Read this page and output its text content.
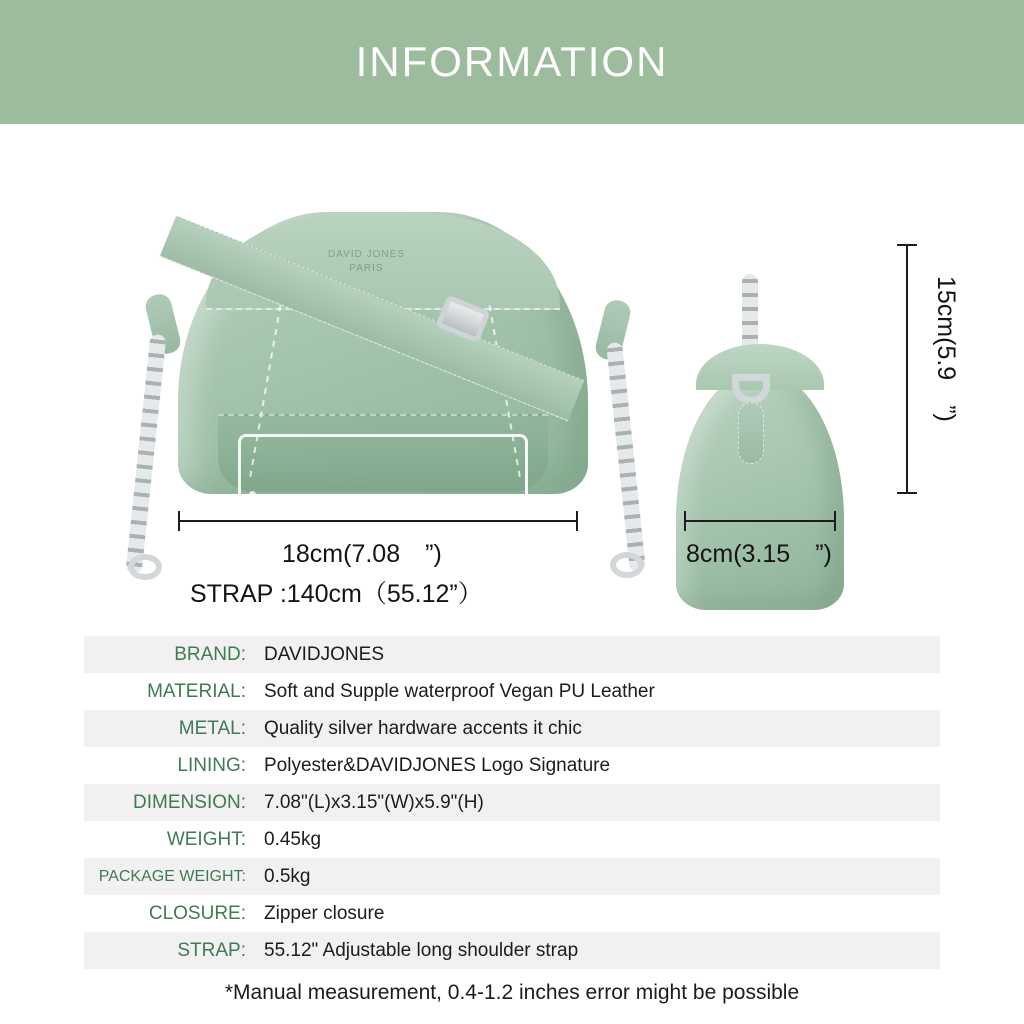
INFORMATION
DAVID JONES
PARIS
PHONE
18cm(7.08　”)	8cm(3.15　”)
15cm(5.9　”)
STRAP :140cm（55.12”）
BRAND: DAVIDJONES
MATERIAL: Soft and Supple waterproof Vegan PU Leather
METAL: Quality silver hardware accents it chic
LINING: Polyester&DAVIDJONES Logo Signature
DIMENSION: 7.08"(L)x3.15"(W)x5.9"(H)
WEIGHT: 0.45kg
PACKAGE WEIGHT: 0.5kg
CLOSURE: Zipper closure
STRAP: 55.12" Adjustable long shoulder strap
*Manual measurement, 0.4-1.2 inches error might be possible
